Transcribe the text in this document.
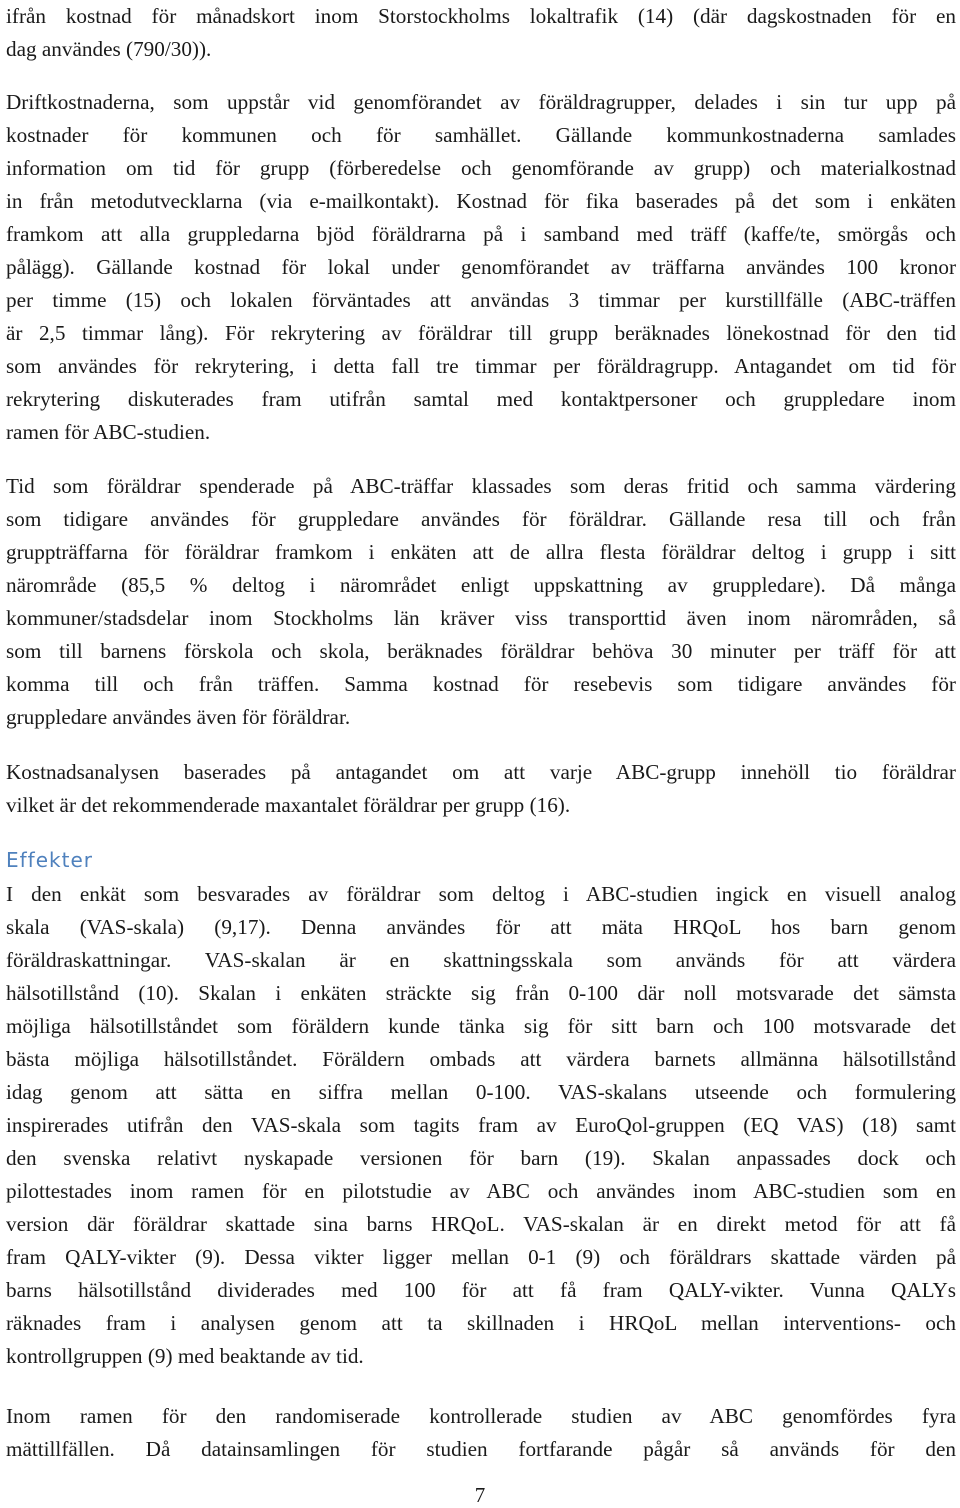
ifrån kostnad för månadskort inom Storstockholms lokaltrafik (14) (där dagskostnaden för en
dag användes (790/30)).
Driftkostnaderna, som uppstår vid genomförandet av föräldragrupper, delades i sin tur upp på
kostnader för kommunen och för samhället. Gällande kommunkostnaderna samlades
information om tid för grupp (förberedelse och genomförande av grupp) och materialkostnad
in från metodutvecklarna (via e-mailkontakt). Kostnad för fika baserades på det som i enkäten
framkom att alla gruppledarna bjöd föräldrarna på i samband med träff (kaffe/te, smörgås och
pålägg). Gällande kostnad för lokal under genomförandet av träffarna användes 100 kronor
per timme (15) och lokalen förväntades att användas 3 timmar per kurstillfälle (ABC-träffen
är 2,5 timmar lång). För rekrytering av föräldrar till grupp beräknades lönekostnad för den tid
som användes för rekrytering, i detta fall tre timmar per föräldragrupp. Antagandet om tid för
rekrytering diskuterades fram utifrån samtal med kontaktpersoner och gruppledare inom
ramen för ABC-studien.
Tid som föräldrar spenderade på ABC-träffar klassades som deras fritid och samma värdering
som tidigare användes för gruppledare användes för föräldrar. Gällande resa till och från
gruppträffarna för föräldrar framkom i enkäten att de allra flesta föräldrar deltog i grupp i sitt
närområde (85,5 % deltog i närområdet enligt uppskattning av gruppledare). Då många
kommuner/stadsdelar inom Stockholms län kräver viss transporttid även inom närområden, så
som till barnens förskola och skola, beräknades föräldrar behöva 30 minuter per träff för att
komma till och från träffen. Samma kostnad för resebevis som tidigare användes för
gruppledare användes även för föräldrar.
Kostnadsanalysen baserades på antagandet om att varje ABC-grupp innehöll tio föräldrar
vilket är det rekommenderade maxantalet föräldrar per grupp (16).
Effekter
I den enkät som besvarades av föräldrar som deltog i ABC-studien ingick en visuell analog
skala (VAS-skala) (9,17). Denna användes för att mäta HRQoL hos barn genom
föräldraskattningar. VAS-skalan är en skattningsskala som används för att värdera
hälsotillstånd (10). Skalan i enkäten sträckte sig från 0-100 där noll motsvarade det sämsta
möjliga hälsotillståndet som föräldern kunde tänka sig för sitt barn och 100 motsvarade det
bästa möjliga hälsotillståndet. Föräldern ombads att värdera barnets allmänna hälsotillstånd
idag genom att sätta en siffra mellan 0-100. VAS-skalans utseende och formulering
inspirerades utifrån den VAS-skala som tagits fram av EuroQol-gruppen (EQ VAS) (18) samt
den svenska relativt nyskapade versionen för barn (19). Skalan anpassades dock och
pilottestades inom ramen för en pilotstudie av ABC och användes inom ABC-studien som en
version där föräldrar skattade sina barns HRQoL. VAS-skalan är en direkt metod för att få
fram QALY-vikter (9). Dessa vikter ligger mellan 0-1 (9) och föräldrars skattade värden på
barns hälsotillstånd dividerades med 100 för att få fram QALY-vikter. Vunna QALYs
räknades fram i analysen genom att ta skillnaden i HRQoL mellan interventions- och
kontrollgruppen (9) med beaktande av tid.
Inom ramen för den randomiserade kontrollerade studien av ABC genomfördes fyra
mättillfällen. Då datainsamlingen för studien fortfarande pågår så används för den
7
